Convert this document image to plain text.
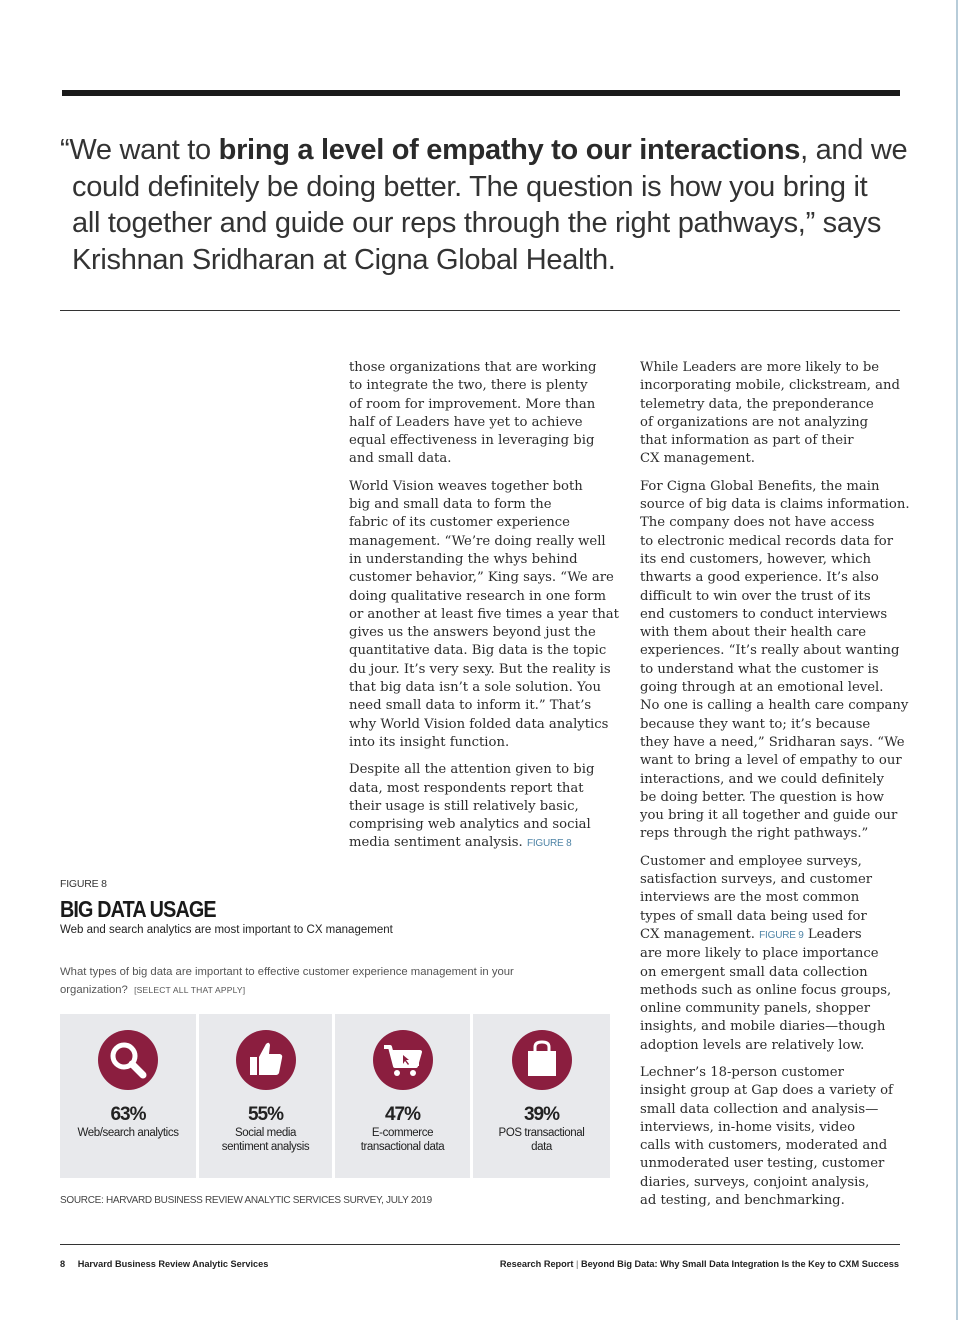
“We want to bring a level of empathy to our interactions, and we
could definitely be doing better. The question is how you bring it
all together and guide our reps through the right pathways,” says
Krishnan Sridharan at Cigna Global Health.

those organizations that are working
to integrate the two, there is plenty
of room for improvement. More than
half of Leaders have yet to achieve
equal effectiveness in leveraging big
and small data.

World Vision weaves together both
big and small data to form the
fabric of its customer experience
management. “We’re doing really well
in understanding the whys behind
customer behavior,” King says. “We are
doing qualitative research in one form
or another at least five times a year that
gives us the answers beyond just the
quantitative data. Big data is the topic
du jour. It’s very sexy. But the reality is
that big data isn’t a sole solution. You
need small data to inform it.” That’s
why World Vision folded data analytics
into its insight function.

Despite all the attention given to big
data, most respondents report that
their usage is still relatively basic,
comprising web analytics and social
media sentiment analysis. FIGURE 8

While Leaders are more likely to be
incorporating mobile, clickstream, and
telemetry data, the preponderance
of organizations are not analyzing
that information as part of their
CX management.

For Cigna Global Benefits, the main
source of big data is claims information.
The company does not have access
to electronic medical records data for
its end customers, however, which
thwarts a good experience. It’s also
difficult to win over the trust of its
end customers to conduct interviews
with them about their health care
experiences. “It’s really about wanting
to understand what the customer is
going through at an emotional level.
No one is calling a health care company
because they want to; it’s because
they have a need,” Sridharan says. “We
want to bring a level of empathy to our
interactions, and we could definitely
be doing better. The question is how
you bring it all together and guide our
reps through the right pathways.”

Customer and employee surveys,
satisfaction surveys, and customer
interviews are the most common
types of small data being used for
CX management. FIGURE 9 Leaders
are more likely to place importance
on emergent small data collection
methods such as online focus groups,
online community panels, shopper
insights, and mobile diaries—though
adoption levels are relatively low.

Lechner’s 18-person customer
insight group at Gap does a variety of
small data collection and analysis—
interviews, in-home visits, video
calls with customers, moderated and
unmoderated user testing, customer
diaries, surveys, conjoint analysis,
ad testing, and benchmarking.

FIGURE 8
BIG DATA USAGE
Web and search analytics are most important to CX management
What types of big data are important to effective customer experience management in your
organization? [SELECT ALL THAT APPLY]
63%
Web/search analytics
55%
Social media
sentiment analysis
47%
E-commerce
transactional data
39%
POS transactional
data
SOURCE: HARVARD BUSINESS REVIEW ANALYTIC SERVICES SURVEY, JULY 2019
8 Harvard Business Review Analytic Services	Research Report | Beyond Big Data: Why Small Data Integration Is the Key to CXM Success
